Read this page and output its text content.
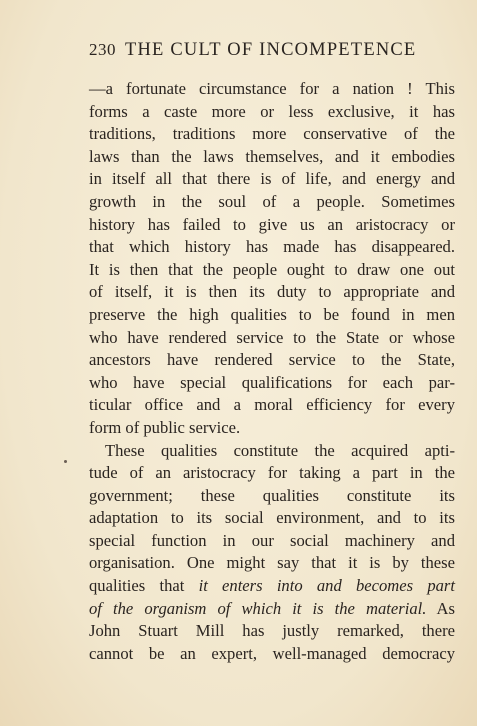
230 THE CULT OF INCOMPETENCE
—a fortunate circumstance for a nation ! This
forms a caste more or less exclusive, it has
traditions, traditions more conservative of the
laws than the laws themselves, and it embodies
in itself all that there is of life, and energy and
growth in the soul of a people. Sometimes
history has failed to give us an aristocracy or
that which history has made has disappeared.
It is then that the people ought to draw one out
of itself, it is then its duty to appropriate and
preserve the high qualities to be found in men
who have rendered service to the State or whose
ancestors have rendered service to the State,
who have special qualifications for each par-
ticular office and a moral efficiency for every
form of public service.
These qualities constitute the acquired apti-
tude of an aristocracy for taking a part in the
government; these qualities constitute its
adaptation to its social environment, and to its
special function in our social machinery and
organisation. One might say that it is by these
qualities that it enters into and becomes part
of the organism of which it is the material. As
John Stuart Mill has justly remarked, there
cannot be an expert, well-managed democracy
